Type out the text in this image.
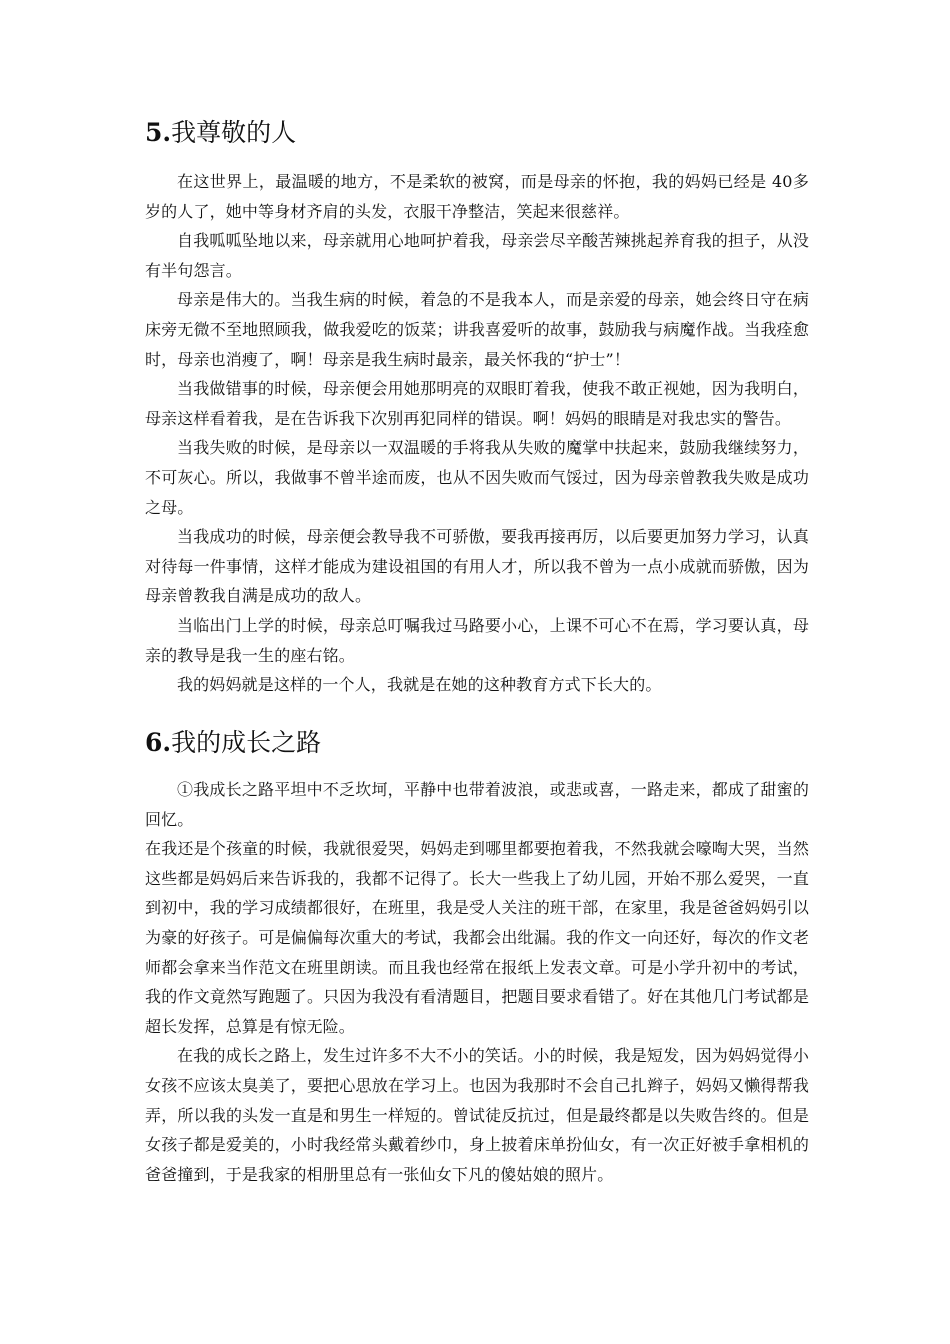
5.我尊敬的人

在这世界上，最温暖的地方，不是柔软的被窝，而是母亲的怀抱，我的妈妈已经是 40多岁的人了，她中等身材齐肩的头发，衣服干净整洁，笑起来很慈祥。

自我呱呱坠地以来，母亲就用心地呵护着我，母亲尝尽辛酸苦辣挑起养育我的担子，从没有半句怨言。

母亲是伟大的。当我生病的时候，着急的不是我本人，而是亲爱的母亲，她会终日守在病床旁无微不至地照顾我，做我爱吃的饭菜；讲我喜爱听的故事，鼓励我与病魔作战。当我痊愈时，母亲也消瘦了，啊！母亲是我生病时最亲，最关怀我的“护士”！

当我做错事的时候，母亲便会用她那明亮的双眼盯着我，使我不敢正视她，因为我明白，母亲这样看着我，是在告诉我下次别再犯同样的错误。啊！妈妈的眼睛是对我忠实的警告。

当我失败的时候，是母亲以一双温暖的手将我从失败的魔掌中扶起来，鼓励我继续努力，不可灰心。所以，我做事不曾半途而废，也从不因失败而气馁过，因为母亲曾教我失败是成功之母。

当我成功的时候，母亲便会教导我不可骄傲，要我再接再厉，以后要更加努力学习，认真对待每一件事情，这样才能成为建设祖国的有用人才，所以我不曾为一点小成就而骄傲，因为母亲曾教我自满是成功的敌人。

当临出门上学的时候，母亲总叮嘱我过马路要小心，上课不可心不在焉，学习要认真，母亲的教导是我一生的座右铭。

我的妈妈就是这样的一个人，我就是在她的这种教育方式下长大的。

6.我的成长之路

①我成长之路平坦中不乏坎坷，平静中也带着波浪，或悲或喜，一路走来，都成了甜蜜的回忆。

在我还是个孩童的时候，我就很爱哭，妈妈走到哪里都要抱着我，不然我就会嚎啕大哭，当然这些都是妈妈后来告诉我的，我都不记得了。长大一些我上了幼儿园，开始不那么爱哭，一直到初中，我的学习成绩都很好，在班里，我是受人关注的班干部，在家里，我是爸爸妈妈引以为豪的好孩子。可是偏偏每次重大的考试，我都会出纰漏。我的作文一向还好，每次的作文老师都会拿来当作范文在班里朗读。而且我也经常在报纸上发表文章。可是小学升初中的考试，我的作文竟然写跑题了。只因为我没有看清题目，把题目要求看错了。好在其他几门考试都是超长发挥，总算是有惊无险。

在我的成长之路上，发生过许多不大不小的笑话。小的时候，我是短发，因为妈妈觉得小女孩不应该太臭美了，要把心思放在学习上。也因为我那时不会自己扎辫子，妈妈又懒得帮我弄，所以我的头发一直是和男生一样短的。曾试徒反抗过，但是最终都是以失败告终的。但是女孩子都是爱美的，小时我经常头戴着纱巾，身上披着床单扮仙女，有一次正好被手拿相机的爸爸撞到，于是我家的相册里总有一张仙女下凡的傻姑娘的照片。
